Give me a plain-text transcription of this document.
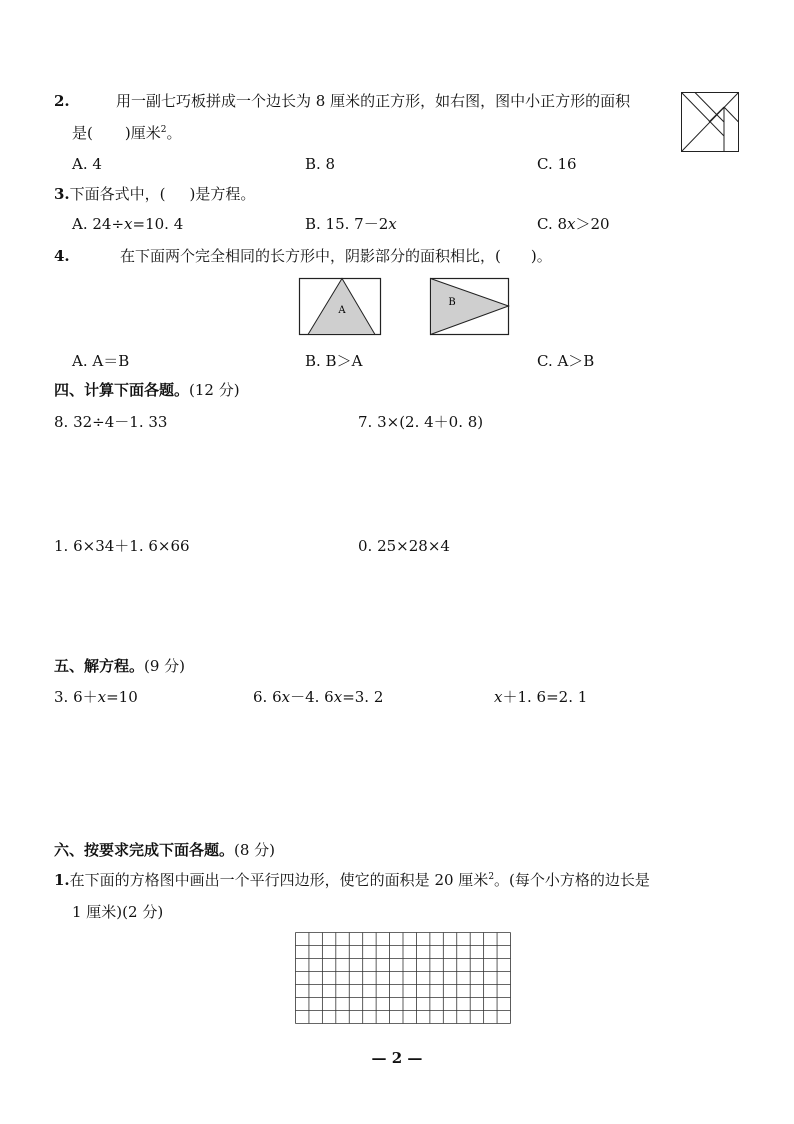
2.	用一副七巧板拼成一个边长为 8 厘米的正方形，如右图，图中小正方形的面积
是( )厘米$^2$。
A. 4	B. 8	C. 16
3.下面各式中，( )是方程。
A. 24÷x=10. 4	B. 15. 7－2x	C. 8x＞20
4.	在下面两个完全相同的长方形中，阴影部分的面积相比，( )。
A
B
A. A＝B	B. B＞A	C. A＞B
四、计算下面各题。(12 分)
8. 32÷4－1. 33	7. 3×(2. 4＋0. 8)
1. 6×34＋1. 6×66	0. 25×28×4
五、解方程。(9 分)
3. 6＋x=10	6. 6x－4. 6x=3. 2	x＋1. 6=2. 1
六、按要求完成下面各题。(8 分)
1.在下面的方格图中画出一个平行四边形，使它的面积是 20 厘米$^2$。(每个小方格的边长是
1 厘米)(2 分)
— 2 —
